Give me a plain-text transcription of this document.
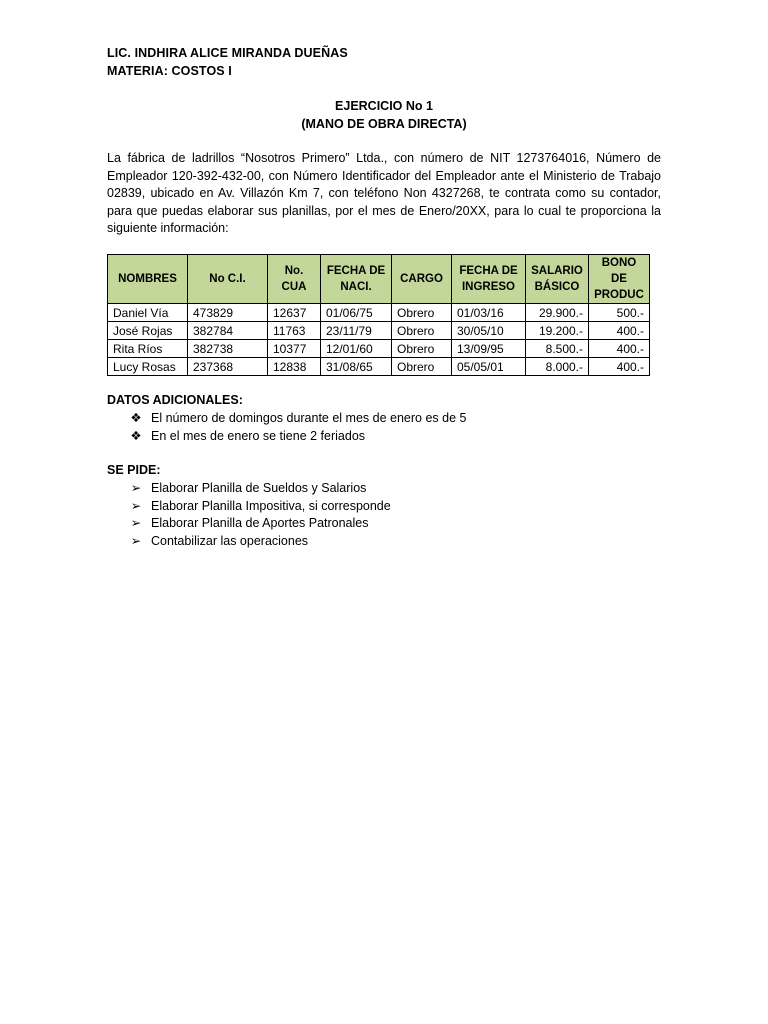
LIC. INDHIRA ALICE MIRANDA DUEÑAS
MATERIA: COSTOS I
EJERCICIO No 1
(MANO DE OBRA DIRECTA)
La fábrica de ladrillos “Nosotros Primero” Ltda., con número de NIT 1273764016, Número de Empleador 120-392-432-00, con Número Identificador del Empleador ante el Ministerio de Trabajo 02839, ubicado en Av. Villazón Km 7, con teléfono Non 4327268, te contrata como su contador, para que puedas elaborar sus planillas, por el mes de Enero/20XX, para lo cual te proporciona la siguiente información:
NOMBRES	No C.I.	No. CUA	FECHA DE NACI.	CARGO	FECHA DE INGRESO	SALARIO BÁSICO	BONO DE PRODUC
Daniel Vía	473829	12637	01/06/75	Obrero	01/03/16	29.900.-	500.-
José Rojas	382784	11763	23/11/79	Obrero	30/05/10	19.200.-	400.-
Rita Ríos	382738	10377	12/01/60	Obrero	13/09/95	8.500.-	400.-
Lucy Rosas	237368	12838	31/08/65	Obrero	05/05/01	8.000.-	400.-
DATOS ADICIONALES:
❖ El número de domingos durante el mes de enero es de 5
❖ En el mes de enero se tiene 2 feriados
SE PIDE:
➢ Elaborar Planilla de Sueldos y Salarios
➢ Elaborar Planilla Impositiva, si corresponde
➢ Elaborar Planilla de Aportes Patronales
➢ Contabilizar las operaciones
